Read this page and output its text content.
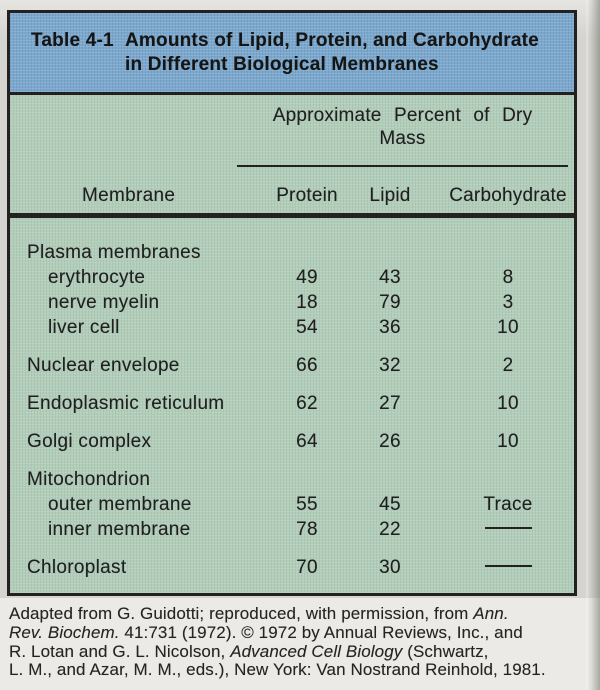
Table 4-1 Amounts of Lipid, Protein, and Carbohydrate
in Different Biological Membranes
Approximate Percent of Dry
Mass
Membrane	Protein	Lipid	Carbohydrate
Plasma membranes
erythrocyte	49	43	8
nerve myelin	18	79	3
liver cell	54	36	10
Nuclear envelope	66	32	2
Endoplasmic reticulum	62	27	10
Golgi complex	64	26	10
Mitochondrion
outer membrane	55	45	Trace
inner membrane	78	22
Chloroplast	70	30
Adapted from G. Guidotti; reproduced, with permission, from Ann.
Rev. Biochem. 41:731 (1972). © 1972 by Annual Reviews, Inc., and
R. Lotan and G. L. Nicolson, Advanced Cell Biology (Schwartz,
L. M., and Azar, M. M., eds.), New York: Van Nostrand Reinhold, 1981.
